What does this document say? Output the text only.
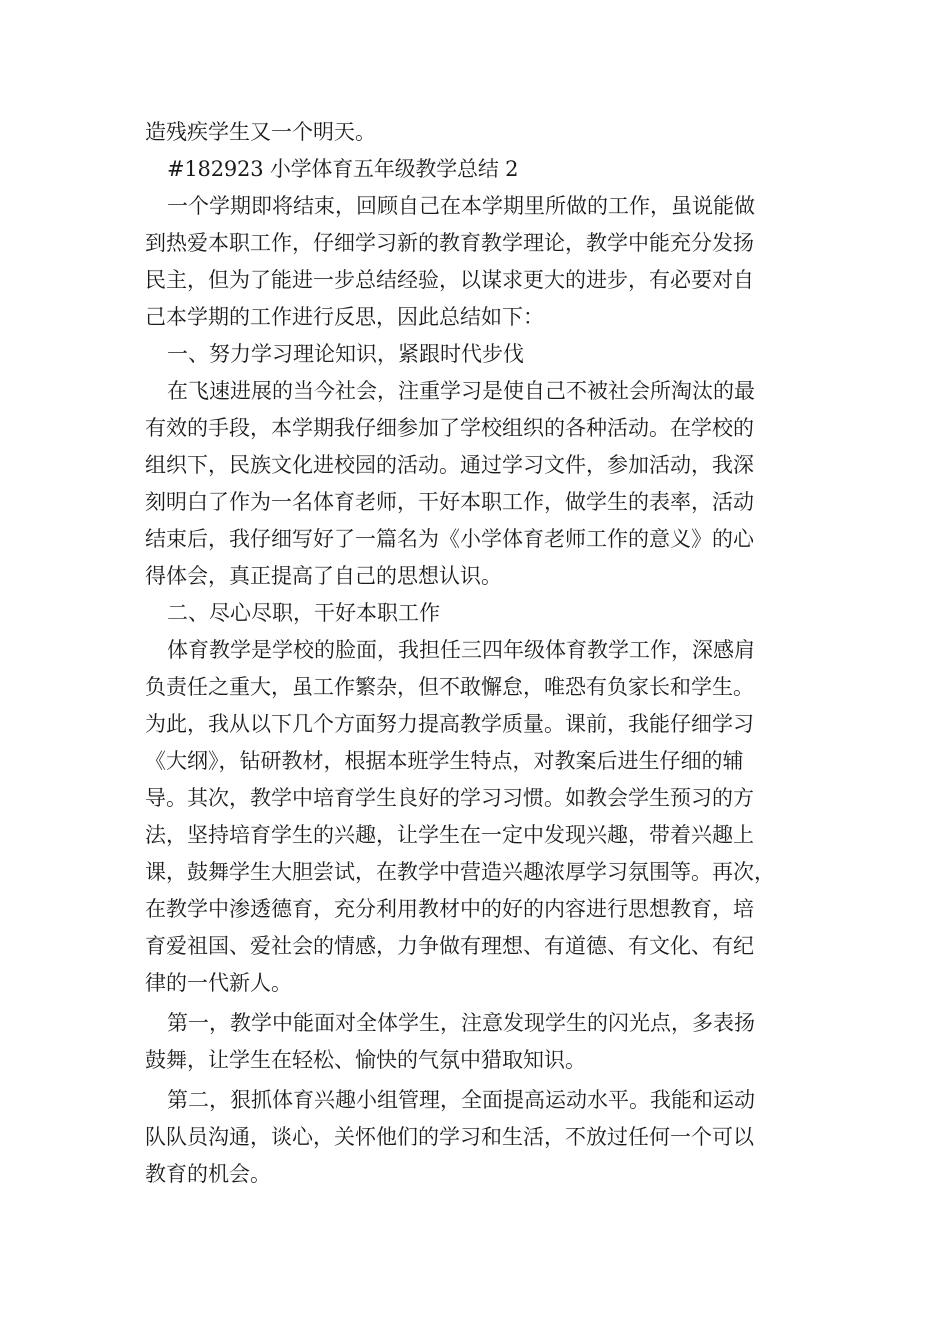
造残疾学生又一个明天。
#182923 小学体育五年级教学总结 2
一个学期即将结束，回顾自己在本学期里所做的工作，虽说能做
到热爱本职工作，仔细学习新的教育教学理论，教学中能充分发扬
民主，但为了能进一步总结经验，以谋求更大的进步，有必要对自
己本学期的工作进行反思，因此总结如下：
一、努力学习理论知识，紧跟时代步伐
在飞速进展的当今社会，注重学习是使自己不被社会所淘汰的最
有效的手段，本学期我仔细参加了学校组织的各种活动。在学校的
组织下，民族文化进校园的活动。通过学习文件，参加活动，我深
刻明白了作为一名体育老师，干好本职工作，做学生的表率，活动
结束后，我仔细写好了一篇名为《小学体育老师工作的意义》的心
得体会，真正提高了自己的思想认识。
二、尽心尽职，干好本职工作
体育教学是学校的脸面，我担任三四年级体育教学工作，深感肩
负责任之重大，虽工作繁杂，但不敢懈怠，唯恐有负家长和学生。
为此，我从以下几个方面努力提高教学质量。课前，我能仔细学习
《大纲》，钻研教材，根据本班学生特点，对教案后进生仔细的辅
导。其次，教学中培育学生良好的学习习惯。如教会学生预习的方
法，坚持培育学生的兴趣，让学生在一定中发现兴趣，带着兴趣上
课，鼓舞学生大胆尝试，在教学中营造兴趣浓厚学习氛围等。再次，
在教学中渗透德育，充分利用教材中的好的内容进行思想教育，培
育爱祖国、爱社会的情感，力争做有理想、有道德、有文化、有纪
律的一代新人。
第一，教学中能面对全体学生，注意发现学生的闪光点，多表扬
鼓舞，让学生在轻松、愉快的气氛中猎取知识。
第二，狠抓体育兴趣小组管理，全面提高运动水平。我能和运动
队队员沟通，谈心，关怀他们的学习和生活，不放过任何一个可以
教育的机会。
